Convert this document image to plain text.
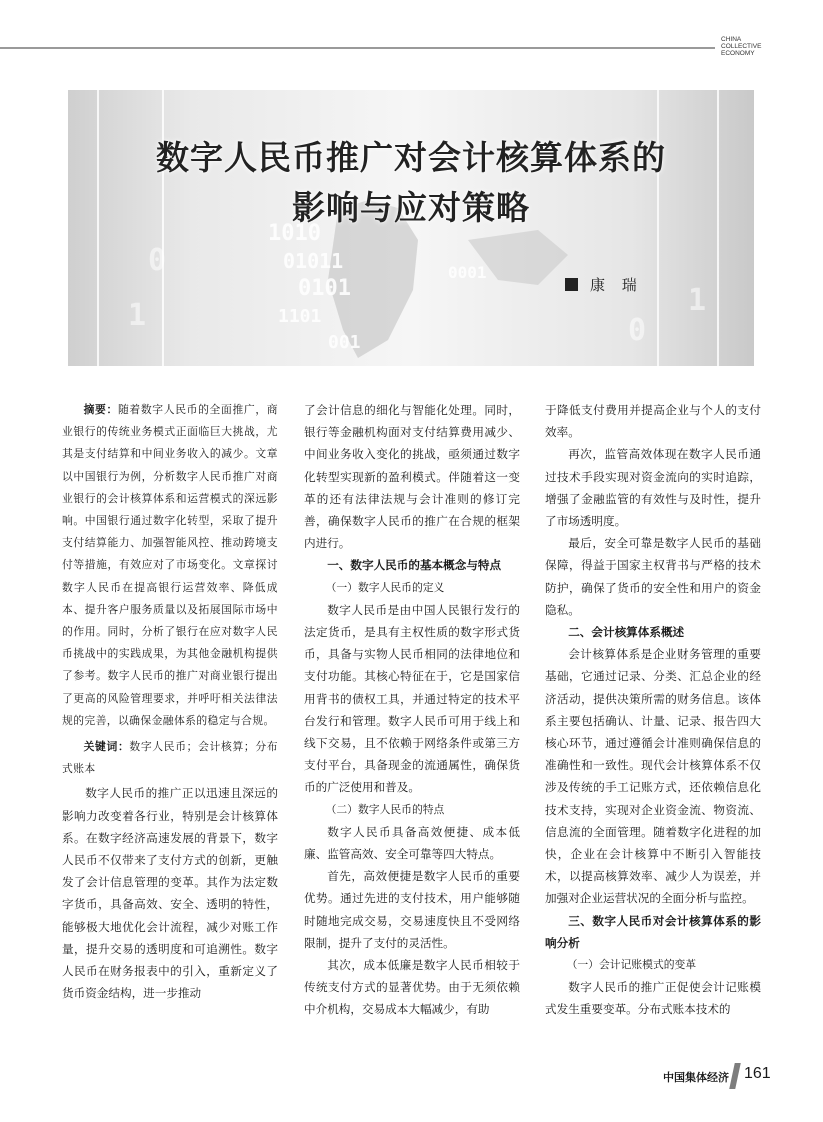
CHINA
COLLECTIVE
ECONOMY
1010
01011
0101
1101
001
0001
1
0
1
0
数字人民币推广对会计核算体系的
影响与应对策略
康 瑞

摘要：随着数字人民币的全面推广，商业银行的传统业务模式正面临巨大挑战，尤其是支付结算和中间业务收入的减少。文章以中国银行为例，分析数字人民币推广对商业银行的会计核算体系和运营模式的深远影响。中国银行通过数字化转型，采取了提升支付结算能力、加强智能风控、推动跨境支付等措施，有效应对了市场变化。文章探讨数字人民币在提高银行运营效率、降低成本、提升客户服务质量以及拓展国际市场中的作用。同时，分析了银行在应对数字人民币挑战中的实践成果，为其他金融机构提供了参考。数字人民币的推广对商业银行提出了更高的风险管理要求，并呼吁相关法律法规的完善，以确保金融体系的稳定与合规。

关键词：数字人民币；会计核算；分布式账本

数字人民币的推广正以迅速且深远的影响力改变着各行业，特别是会计核算体系。在数字经济高速发展的背景下，数字人民币不仅带来了支付方式的创新，更触发了会计信息管理的变革。其作为法定数字货币，具备高效、安全、透明的特性，能够极大地优化会计流程，减少对账工作量，提升交易的透明度和可追溯性。数字人民币在财务报表中的引入，重新定义了货币资金结构，进一步推动

了会计信息的细化与智能化处理。同时，银行等金融机构面对支付结算费用减少、中间业务收入变化的挑战，亟须通过数字化转型实现新的盈利模式。伴随着这一变革的还有法律法规与会计准则的修订完善，确保数字人民币的推广在合规的框架内进行。

一、数字人民币的基本概念与特点

（一）数字人民币的定义

数字人民币是由中国人民银行发行的法定货币，是具有主权性质的数字形式货币，具备与实物人民币相同的法律地位和支付功能。其核心特征在于，它是国家信用背书的债权工具，并通过特定的技术平台发行和管理。数字人民币可用于线上和线下交易，且不依赖于网络条件或第三方支付平台，具备现金的流通属性，确保货币的广泛使用和普及。

（二）数字人民币的特点

数字人民币具备高效便捷、成本低廉、监管高效、安全可靠等四大特点。

首先，高效便捷是数字人民币的重要优势。通过先进的支付技术，用户能够随时随地完成交易，交易速度快且不受网络限制，提升了支付的灵活性。

其次，成本低廉是数字人民币相较于传统支付方式的显著优势。由于无须依赖中介机构，交易成本大幅减少，有助

于降低支付费用并提高企业与个人的支付效率。

再次，监管高效体现在数字人民币通过技术手段实现对资金流向的实时追踪，增强了金融监管的有效性与及时性，提升了市场透明度。

最后，安全可靠是数字人民币的基础保障，得益于国家主权背书与严格的技术防护，确保了货币的安全性和用户的资金隐私。

二、会计核算体系概述

会计核算体系是企业财务管理的重要基础，它通过记录、分类、汇总企业的经济活动，提供决策所需的财务信息。该体系主要包括确认、计量、记录、报告四大核心环节，通过遵循会计准则确保信息的准确性和一致性。现代会计核算体系不仅涉及传统的手工记账方式，还依赖信息化技术支持，实现对企业资金流、物资流、信息流的全面管理。随着数字化进程的加快，企业在会计核算中不断引入智能技术，以提高核算效率、减少人为误差，并加强对企业运营状况的全面分析与监控。

三、数字人民币对会计核算体系的影响分析

（一）会计记账模式的变革

数字人民币的推广正促使会计记账模式发生重要变革。分布式账本技术的

中国集体经济 161
